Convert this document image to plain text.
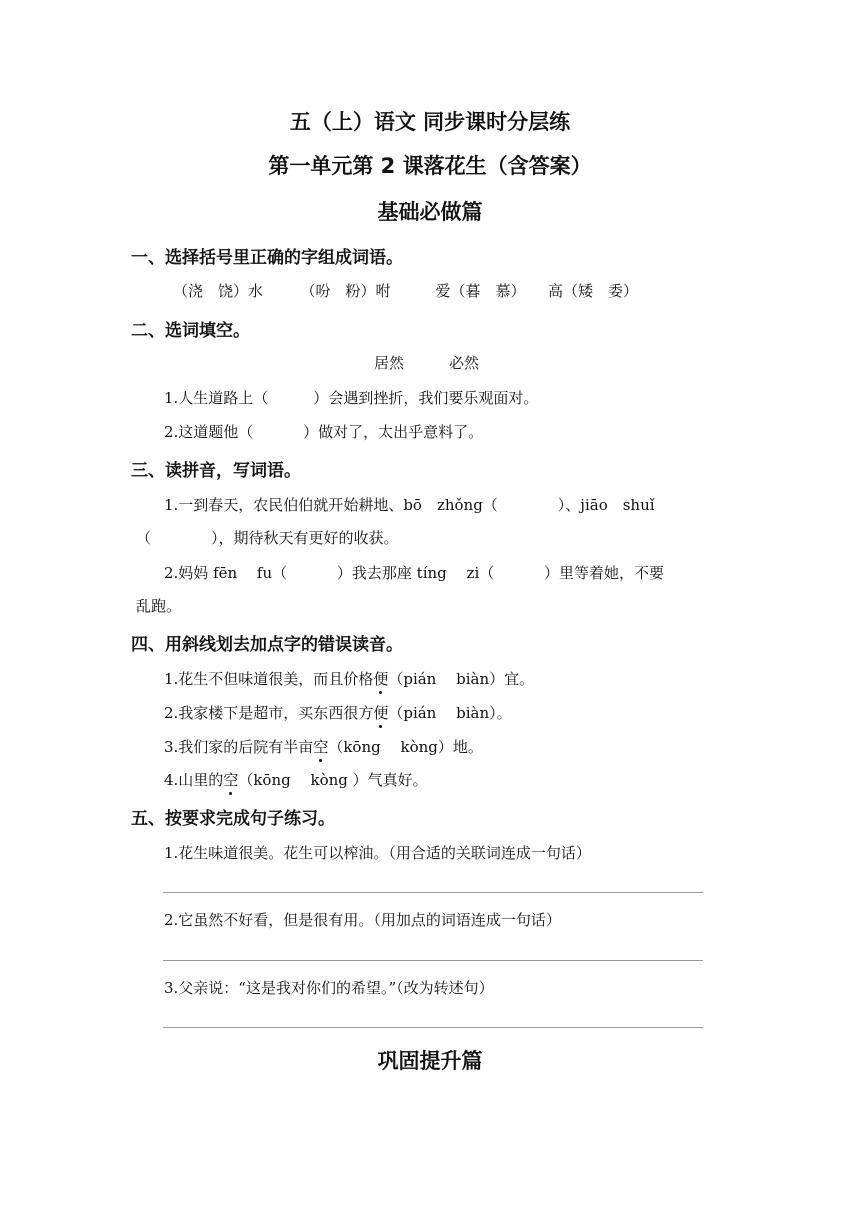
五（上）语文 同步课时分层练
第一单元第 2 课落花生（含答案）
基础必做篇
一、选择括号里正确的字组成词语。
（浇　饶）水　　　（吩　粉）咐　　　爱（暮　慕）　　高（矮　委）
二、选词填空。
居然　　　必然
1.人生道路上（　　　）会遇到挫折，我们要乐观面对。
2.这道题他（　　　 ）做对了，太出乎意料了。
三、读拼音，写词语。
1.一到春天，农民伯伯就开始耕地、bō　zhǒng（　　　　）、jiāo　shuǐ
（　　　　），期待秋天有更好的收获。
2.妈妈 fēn　 fu（　　　 ）我去那座 tíng　 zi（　　　 ）里等着她，不要
乱跑。
四、用斜线划去加点字的错误读音。
1.花生不但味道很美，而且价格便（pián　 biàn）宜。
2.我家楼下是超市，买东西很方便（pián　 biàn）。
3.我们家的后院有半亩空（kōng　 kòng）地。
4.山里的空（kōng　 kòng ）气真好。
五、按要求完成句子练习。
1.花生味道很美。花生可以榨油。（用合适的关联词连成一句话）
2.它虽然不好看，但是很有用。（用加点的词语连成一句话）
3.父亲说：“这是我对你们的希望。”（改为转述句）
巩固提升篇
